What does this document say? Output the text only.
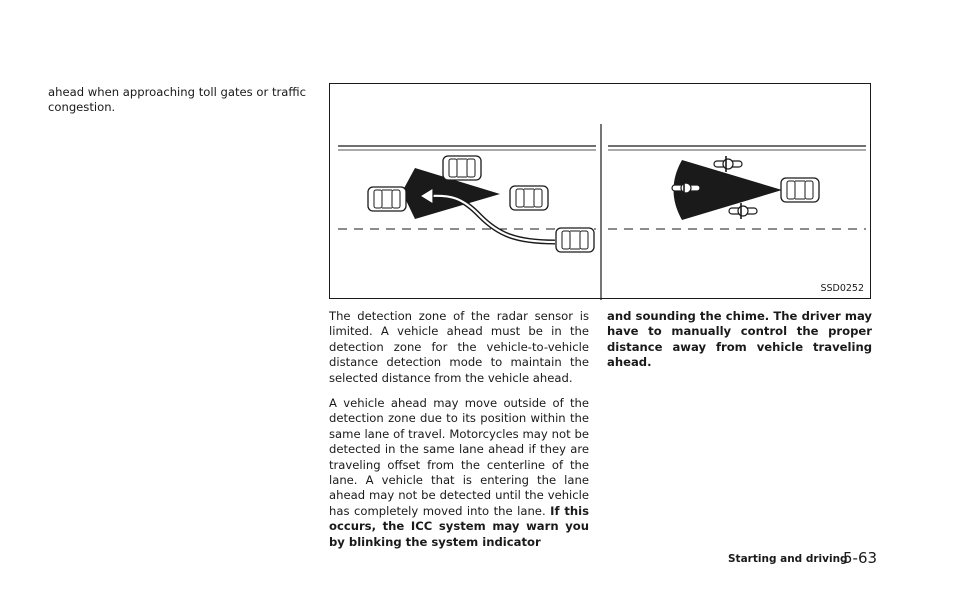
ahead when approaching toll gates or traffic congestion.

SSD0252

The detection zone of the radar sensor is limited. A vehicle ahead must be in the detection zone for the vehicle-to-vehicle distance detection mode to maintain the selected distance from the vehicle ahead.

A vehicle ahead may move outside of the detection zone due to its position within the same lane of travel. Motorcycles may not be detected in the same lane ahead if they are traveling offset from the centerline of the lane. A vehicle that is entering the lane ahead may not be detected until the vehicle has completely moved into the lane. If this occurs, the ICC system may warn you by blinking the system indicator

and sounding the chime. The driver may have to manually control the proper distance away from vehicle traveling ahead.

Starting and driving
5-63
